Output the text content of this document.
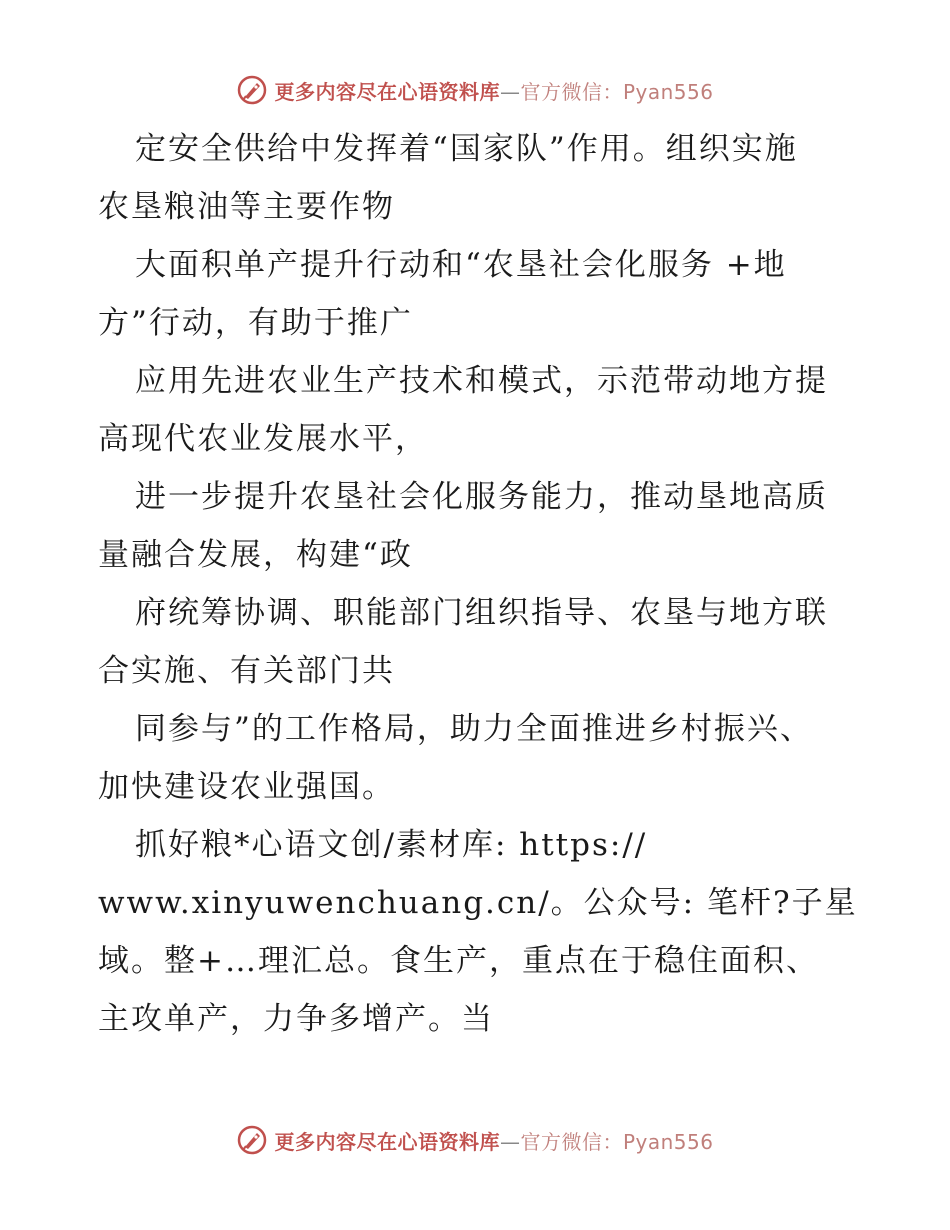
更多内容尽在心语资料库—官方微信：Pyan556
定安全供给中发挥着“国家队”作用。组织实施
农垦粮油等主要作物
大面积单产提升行动和“农垦社会化服务 +地
方”行动，有助于推广
应用先进农业生产技术和模式，示范带动地方提
高现代农业发展水平，
进一步提升农垦社会化服务能力，推动垦地高质
量融合发展，构建“政
府统筹协调、职能部门组织指导、农垦与地方联
合实施、有关部门共
同参与”的工作格局，助力全面推进乡村振兴、
加快建设农业强国。
抓好粮*心语文创/素材库: https://
www.xinyuwenchuang.cn/。公众号: 笔杆?子星
域。整+…理汇总。食生产，重点在于稳住面积、
主攻单产，力争多增产。当
更多内容尽在心语资料库—官方微信：Pyan556
